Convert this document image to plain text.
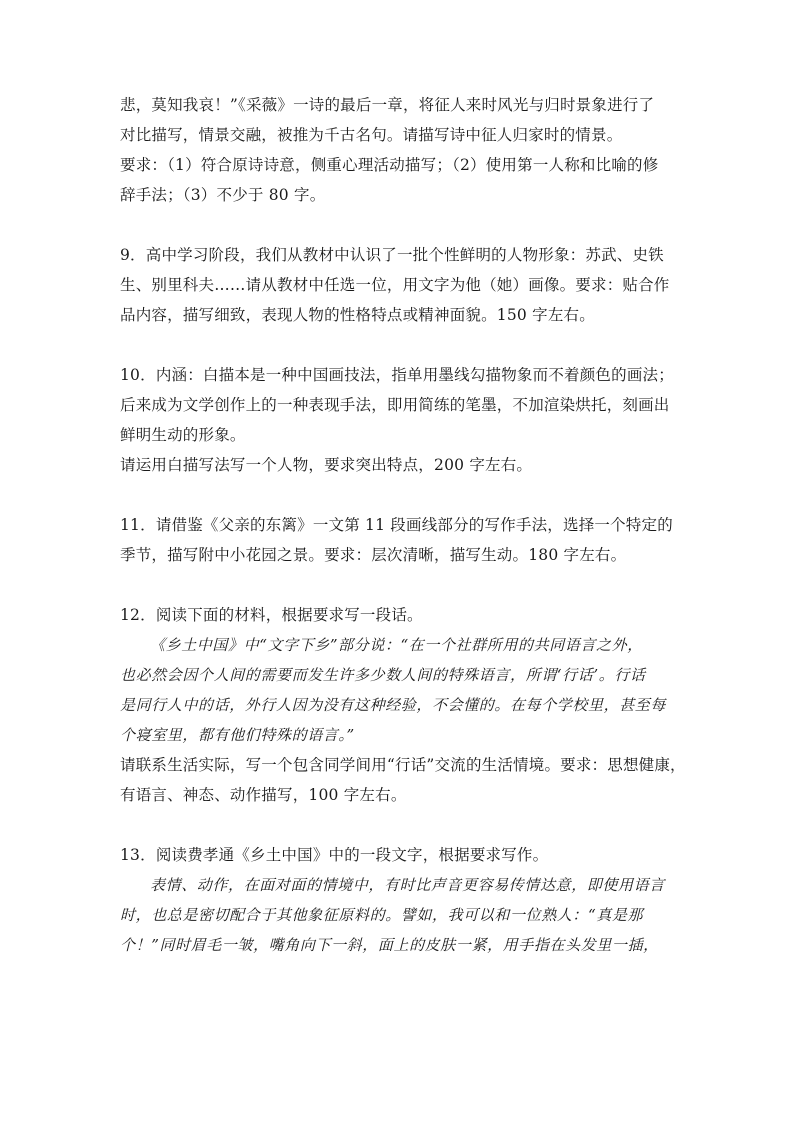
悲，莫知我哀！”《采薇》一诗的最后一章，将征人来时风光与归时景象进行了
对比描写，情景交融，被推为千古名句。请描写诗中征人归家时的情景。
要求：（1）符合原诗诗意，侧重心理活动描写；（2）使用第一人称和比喻的修
辞手法；（3）不少于 80 字。
9．高中学习阶段，我们从教材中认识了一批个性鲜明的人物形象：苏武、史铁
生、别里科夫……请从教材中任选一位，用文字为他（她）画像。要求：贴合作
品内容，描写细致，表现人物的性格特点或精神面貌。150 字左右。
10．内涵：白描本是一种中国画技法，指单用墨线勾描物象而不着颜色的画法；
后来成为文学创作上的一种表现手法，即用简练的笔墨，不加渲染烘托，刻画出
鲜明生动的形象。
请运用白描写法写一个人物，要求突出特点，200 字左右。
11．请借鉴《父亲的东篱》一文第 11 段画线部分的写作手法，选择一个特定的
季节，描写附中小花园之景。要求：层次清晰，描写生动。180 字左右。
12．阅读下面的材料，根据要求写一段话。
《乡土中国》中“文字下乡”部分说：“在一个社群所用的共同语言之外，
也必然会因个人间的需要而发生许多少数人间的特殊语言，所谓‘行话’。行话
是同行人中的话，外行人因为没有这种经验，不会懂的。在每个学校里，甚至每
个寝室里，都有他们特殊的语言。”
请联系生活实际，写一个包含同学间用“行话”交流的生活情境。要求：思想健康，
有语言、神态、动作描写，100 字左右。
13．阅读费孝通《乡土中国》中的一段文字，根据要求写作。
表情、动作，在面对面的情境中，有时比声音更容易传情达意，即使用语言
时，也总是密切配合于其他象征原料的。譬如，我可以和一位熟人：“真是那
个！”同时眉毛一皱，嘴角向下一斜，面上的皮肤一紧，用手指在头发里一插，
